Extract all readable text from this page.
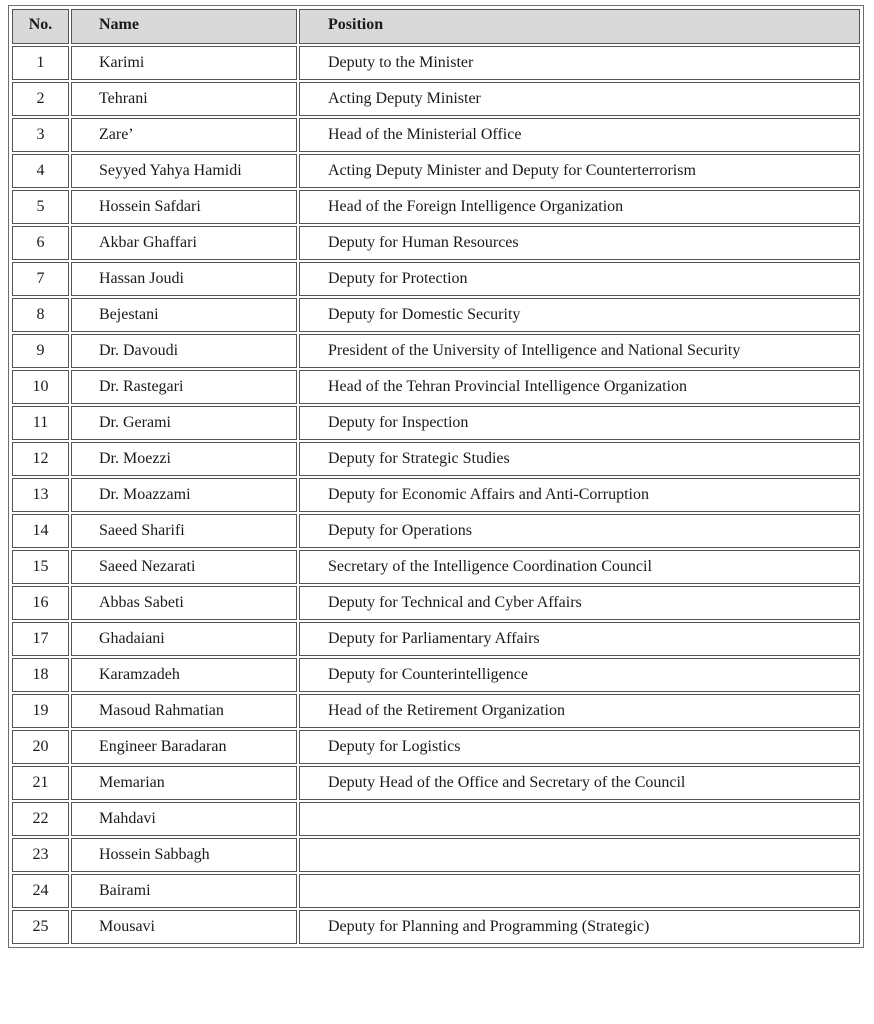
No.	Name	Position
1	Karimi	Deputy to the Minister
2	Tehrani	Acting Deputy Minister
3	Zare’	Head of the Ministerial Office
4	Seyyed Yahya Hamidi	Acting Deputy Minister and Deputy for Counterterrorism
5	Hossein Safdari	Head of the Foreign Intelligence Organization
6	Akbar Ghaffari	Deputy for Human Resources
7	Hassan Joudi	Deputy for Protection
8	Bejestani	Deputy for Domestic Security
9	Dr. Davoudi	President of the University of Intelligence and National Security
10	Dr. Rastegari	Head of the Tehran Provincial Intelligence Organization
11	Dr. Gerami	Deputy for Inspection
12	Dr. Moezzi	Deputy for Strategic Studies
13	Dr. Moazzami	Deputy for Economic Affairs and Anti-Corruption
14	Saeed Sharifi	Deputy for Operations
15	Saeed Nezarati	Secretary of the Intelligence Coordination Council
16	Abbas Sabeti	Deputy for Technical and Cyber Affairs
17	Ghadaiani	Deputy for Parliamentary Affairs
18	Karamzadeh	Deputy for Counterintelligence
19	Masoud Rahmatian	Head of the Retirement Organization
20	Engineer Baradaran	Deputy for Logistics
21	Memarian	Deputy Head of the Office and Secretary of the Council
22	Mahdavi	
23	Hossein Sabbagh	
24	Bairami	
25	Mousavi	Deputy for Planning and Programming (Strategic)
